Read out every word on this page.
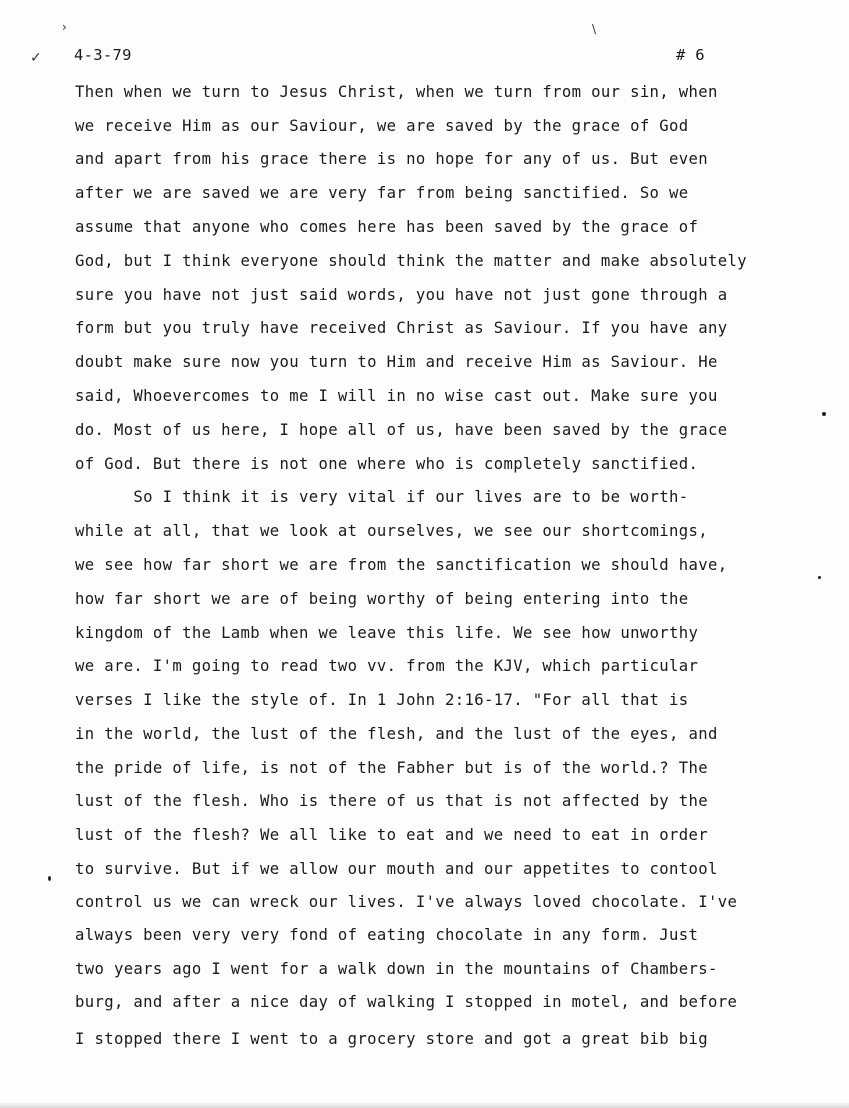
›	\
✓ 4-3-79	# 6
Then when we turn to Jesus Christ, when we turn from our sin, when
we receive Him as our Saviour, we are saved by the grace of God
and apart from his grace there is no hope for any of us. But even
after we are saved we are very far from being sanctified. So we
assume that anyone who comes here has been saved by the grace of
God, but I think everyone should think the matter and make absolutely
sure you have not just said words, you have not just gone through a
form but you truly have received Christ as Saviour. If you have any
doubt make sure now you turn to Him and receive Him as Saviour. He
said, Whoevercomes to me I will in no wise cast out. Make sure you
do. Most of us here, I hope all of us, have been saved by the grace
of God. But there is not one where who is completely sanctified.
So I think it is very vital if our lives are to be worth-
while at all, that we look at ourselves, we see our shortcomings,
we see how far short we are from the sanctification we should have,
how far short we are of being worthy of being entering into the
kingdom of the Lamb when we leave this life. We see how unworthy
we are. I'm going to read two vv. from the KJV, which particular
verses I like the style of. In 1 John 2:16-17. "For all that is
in the world, the lust of the flesh, and the lust of the eyes, and
the pride of life, is not of the Fabher but is of the world.? The
lust of the flesh. Who is there of us that is not affected by the
lust of the flesh? We all like to eat and we need to eat in order
to survive. But if we allow our mouth and our appetites to contool
control us we can wreck our lives. I've always loved chocolate. I've
always been very very fond of eating chocolate in any form. Just
two years ago I went for a walk down in the mountains of Chambers-
burg, and after a nice day of walking I stopped in motel, and before
I stopped there I went to a grocery store and got a great bib big
